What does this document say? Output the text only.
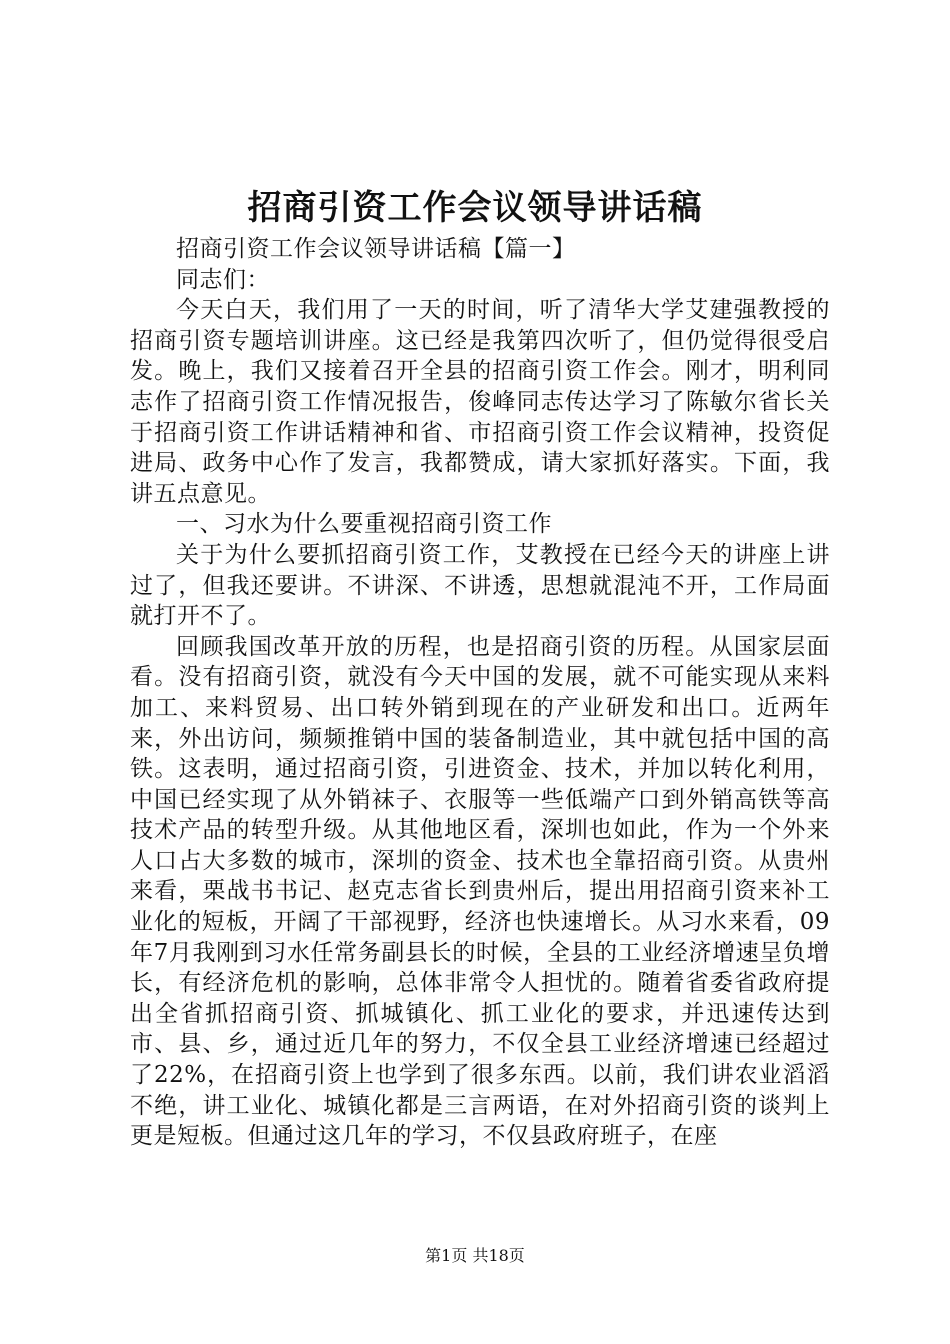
招商引资工作会议领导讲话稿

招商引资工作会议领导讲话稿【篇一】

同志们：

今天白天，我们用了一天的时间，听了清华大学艾建强教授的招商引资专题培训讲座。这已经是我第四次听了，但仍觉得很受启发。晚上，我们又接着召开全县的招商引资工作会。刚才，明利同志作了招商引资工作情况报告，俊峰同志传达学习了陈敏尔省长关于招商引资工作讲话精神和省、市招商引资工作会议精神，投资促进局、政务中心作了发言，我都赞成，请大家抓好落实。下面，我讲五点意见。

一、习水为什么要重视招商引资工作

关于为什么要抓招商引资工作，艾教授在已经今天的讲座上讲过了，但我还要讲。不讲深、不讲透，思想就混沌不开，工作局面就打开不了。

回顾我国改革开放的历程，也是招商引资的历程。从国家层面看。没有招商引资，就没有今天中国的发展，就不可能实现从来料加工、来料贸易、出口转外销到现在的产业研发和出口。近两年来，外出访问，频频推销中国的装备制造业，其中就包括中国的高铁。这表明，通过招商引资，引进资金、技术，并加以转化利用，中国已经实现了从外销袜子、衣服等一些低端产口到外销高铁等高技术产品的转型升级。从其他地区看，深圳也如此，作为一个外来人口占大多数的城市，深圳的资金、技术也全靠招商引资。从贵州来看，栗战书书记、赵克志省长到贵州后，提出用招商引资来补工业化的短板，开阔了干部视野，经济也快速增长。从习水来看，09年7月我刚到习水任常务副县长的时候，全县的工业经济增速呈负增长，有经济危机的影响，总体非常令人担忧的。随着省委省政府提出全省抓招商引资、抓城镇化、抓工业化的要求，并迅速传达到市、县、乡，通过近几年的努力，不仅全县工业经济增速已经超过了22%，在招商引资上也学到了很多东西。以前，我们讲农业滔滔不绝，讲工业化、城镇化都是三言两语，在对外招商引资的谈判上更是短板。但通过这几年的学习，不仅县政府班子，在座

第1页 共18页
